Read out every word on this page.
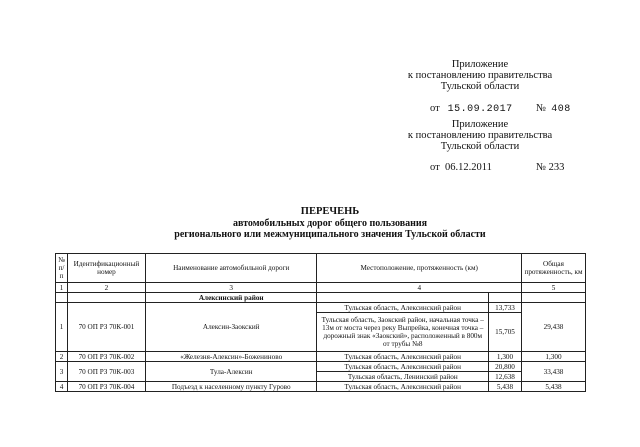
Приложение
к постановлению правительства
Тульской области
от 15.09.2017 № 408
Приложение
к постановлению правительства
Тульской области
от 06.12.2011	№ 233
ПЕРЕЧЕНЬ
автомобильных дорог общего пользования
регионального или межмуниципального значения Тульской области
№ п/п	Идентификационный номер	Наименование автомобильной дороги	Местоположение, протяженность (км)		Общая протяженность, км
1	2	3	4		5
		Алексинский район			
1	70 ОП РЗ 70К-001	Алексин-Заокский	Тульская область, Алексинский район	13,733	29,438
			Тульская область, Заокский район, начальная точка – 13м от моста через реку Выпрейка, конечная точка – дорожный знак «Заокский», расположенный в 800м от трубы №8	15,705	
2	70 ОП РЗ 70К-002	«Железня-Алексин»-Божениново	Тульская область, Алексинский район	1,300	1,300
3	70 ОП РЗ 70К-003	Тула-Алексин	Тульская область, Алексинский район	20,800	33,438
			Тульская область, Ленинский район	12,638	
4	70 ОП РЗ 70К-004	Подъезд к населенному пункту Гурово	Тульская область, Алексинский район	5,438	5,438
